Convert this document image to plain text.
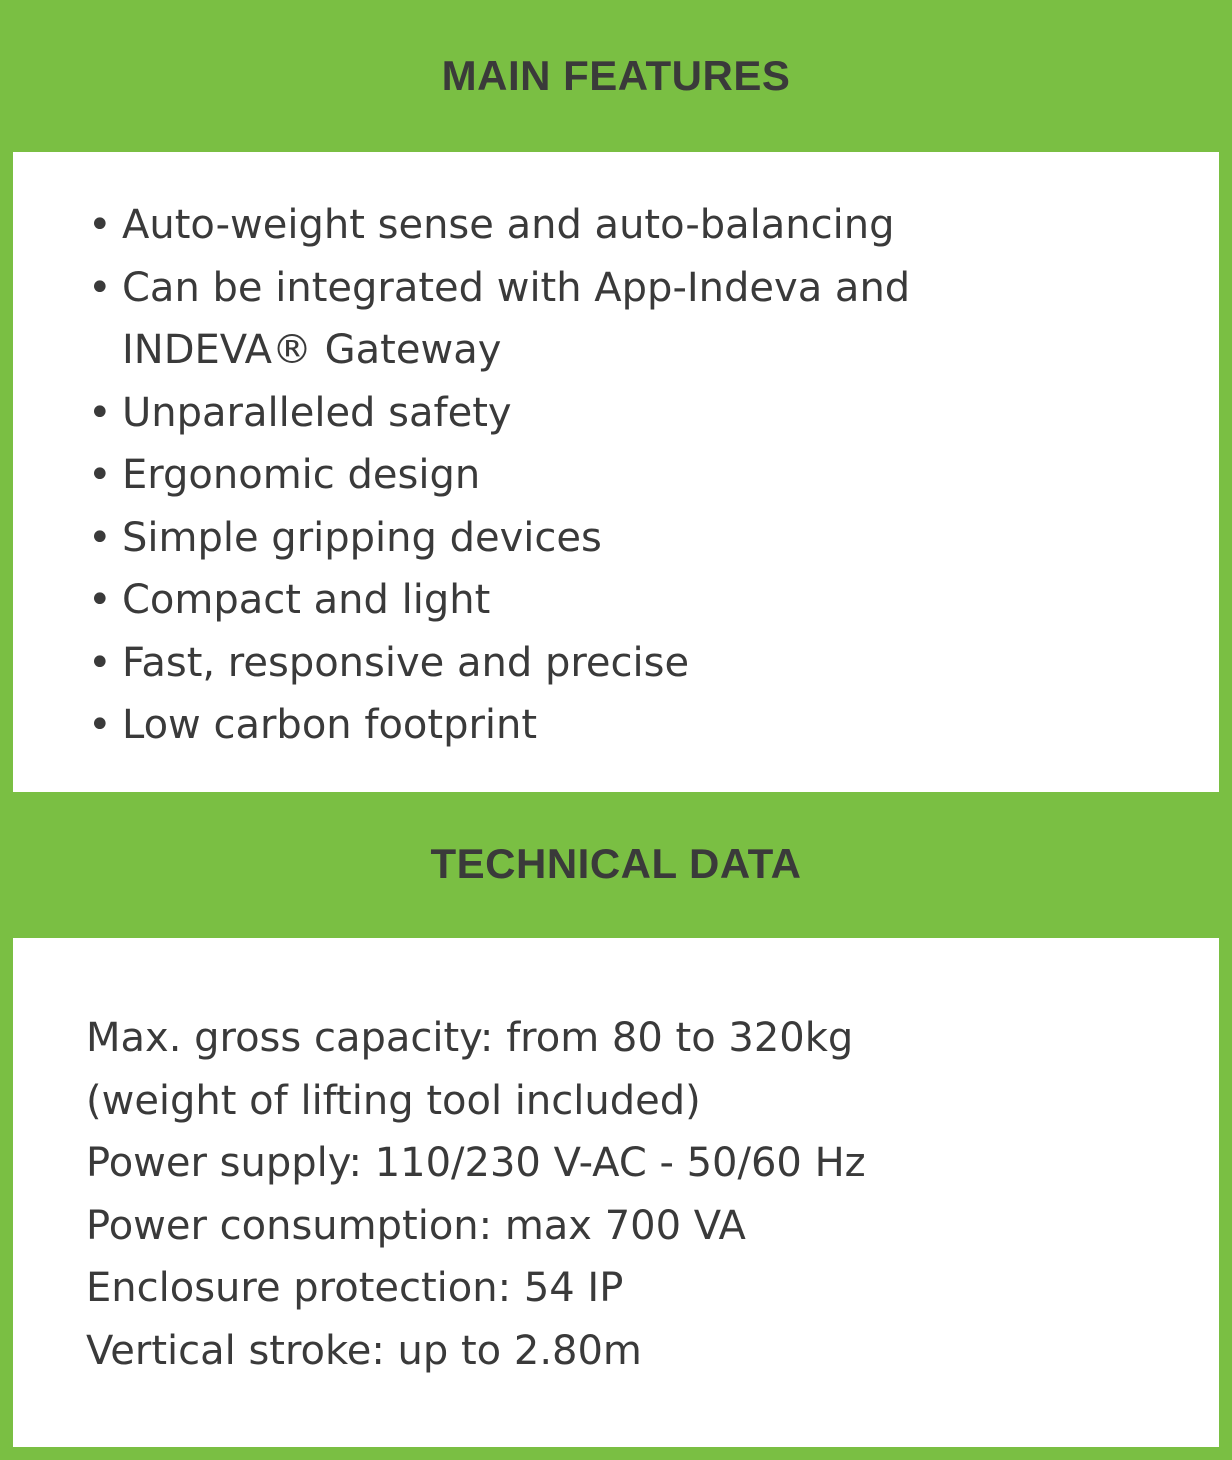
MAIN FEATURES
• Auto-weight sense and auto-balancing
• Can be integrated with App-Indeva and
INDEVA® Gateway
• Unparalleled safety
• Ergonomic design
• Simple gripping devices
• Compact and light
• Fast, responsive and precise
• Low carbon footprint
TECHNICAL DATA
Max. gross capacity: from 80 to 320kg
(weight of lifting tool included)
Power supply: 110/230 V-AC - 50/60 Hz
Power consumption: max 700 VA
Enclosure protection: 54 IP
Vertical stroke: up to 2.80m
